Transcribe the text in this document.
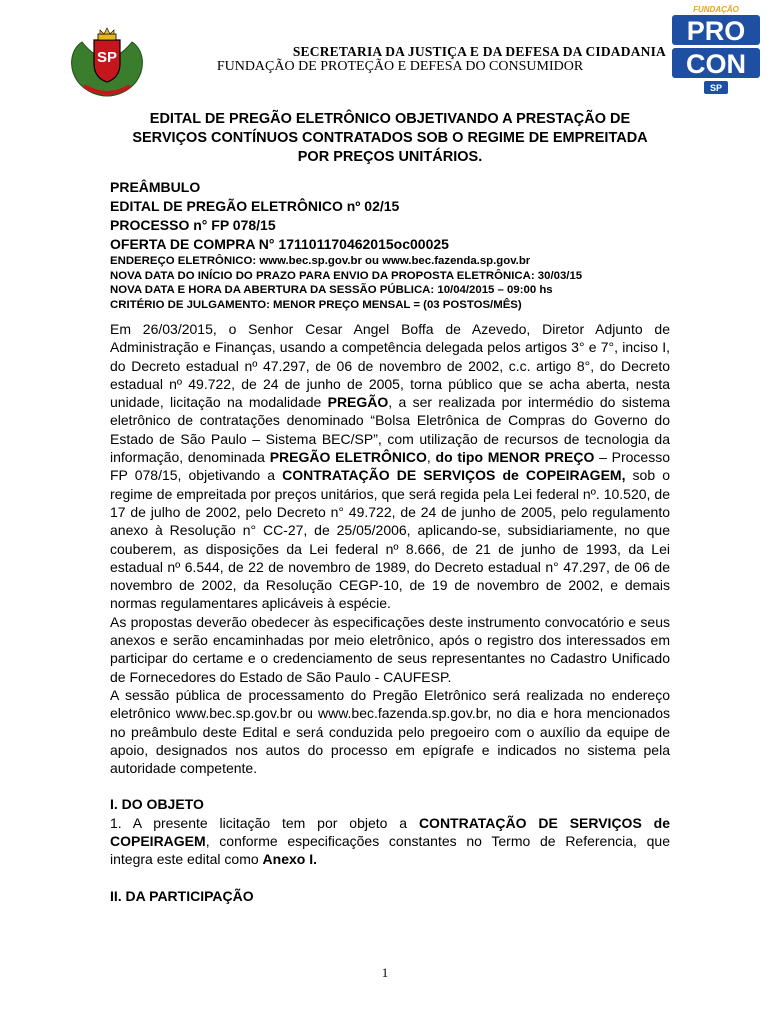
SP
FUNDAÇÃO
PRO
CON
SP
SECRETARIA DA JUSTIÇA E DA DEFESA DA CIDADANIA
FUNDAÇÃO DE PROTEÇÃO E DEFESA DO CONSUMIDOR
EDITAL DE PREGÃO ELETRÔNICO OBJETIVANDO A PRESTAÇÃO DE
SERVIÇOS CONTÍNUOS CONTRATADOS SOB O REGIME DE EMPREITADA
POR PREÇOS UNITÁRIOS.
PREÂMBULO
EDITAL DE PREGÃO ELETRÔNICO nº 02/15
PROCESSO n° FP 078/15
OFERTA DE COMPRA N° 171101170462015oc00025
ENDEREÇO ELETRÔNICO: www.bec.sp.gov.br ou www.bec.fazenda.sp.gov.br
NOVA DATA DO INÍCIO DO PRAZO PARA ENVIO DA PROPOSTA ELETRÔNICA: 30/03/15
NOVA DATA E HORA DA ABERTURA DA SESSÃO PÚBLICA: 10/04/2015 – 09:00 hs
CRITÉRIO DE JULGAMENTO: MENOR PREÇO MENSAL = (03 POSTOS/MÊS)

Em 26/03/2015, o Senhor Cesar Angel Boffa de Azevedo, Diretor Adjunto de Administração e Finanças, usando a competência delegada pelos artigos 3° e 7°, inciso I, do Decreto estadual nº 47.297, de 06 de novembro de 2002, c.c. artigo 8°, do Decreto estadual nº 49.722, de 24 de junho de 2005, torna público que se acha aberta, nesta unidade, licitação na modalidade PREGÃO, a ser realizada por intermédio do sistema eletrônico de contratações denominado “Bolsa Eletrônica de Compras do Governo do Estado de São Paulo – Sistema BEC/SP”, com utilização de recursos de tecnologia da informação, denominada PREGÃO ELETRÔNICO, do tipo MENOR PREÇO – Processo FP 078/15, objetivando a CONTRATAÇÃO DE SERVIÇOS de COPEIRAGEM, sob o regime de empreitada por preços unitários, que será regida pela Lei federal nº. 10.520, de 17 de julho de 2002, pelo Decreto n° 49.722, de 24 de junho de 2005, pelo regulamento anexo à Resolução n° CC-27, de 25/05/2006, aplicando-se, subsidiariamente, no que couberem, as disposições da Lei federal nº 8.666, de 21 de junho de 1993, da Lei estadual nº 6.544, de 22 de novembro de 1989, do Decreto estadual n° 47.297, de 06 de novembro de 2002, da Resolução CEGP-10, de 19 de novembro de 2002, e demais normas regulamentares aplicáveis à espécie.

As propostas deverão obedecer às especificações deste instrumento convocatório e seus anexos e serão encaminhadas por meio eletrônico, após o registro dos interessados em participar do certame e o credenciamento de seus representantes no Cadastro Unificado de Fornecedores do Estado de São Paulo - CAUFESP.

A sessão pública de processamento do Pregão Eletrônico será realizada no endereço eletrônico www.bec.sp.gov.br ou www.bec.fazenda.sp.gov.br, no dia e hora mencionados no preâmbulo deste Edital e será conduzida pelo pregoeiro com o auxílio da equipe de apoio, designados nos autos do processo em epígrafe e indicados no sistema pela autoridade competente.

I. DO OBJETO

1. A presente licitação tem por objeto a CONTRATAÇÃO DE SERVIÇOS de COPEIRAGEM, conforme especificações constantes no Termo de Referencia, que integra este edital como Anexo I.

II. DA PARTICIPAÇÃO

1
